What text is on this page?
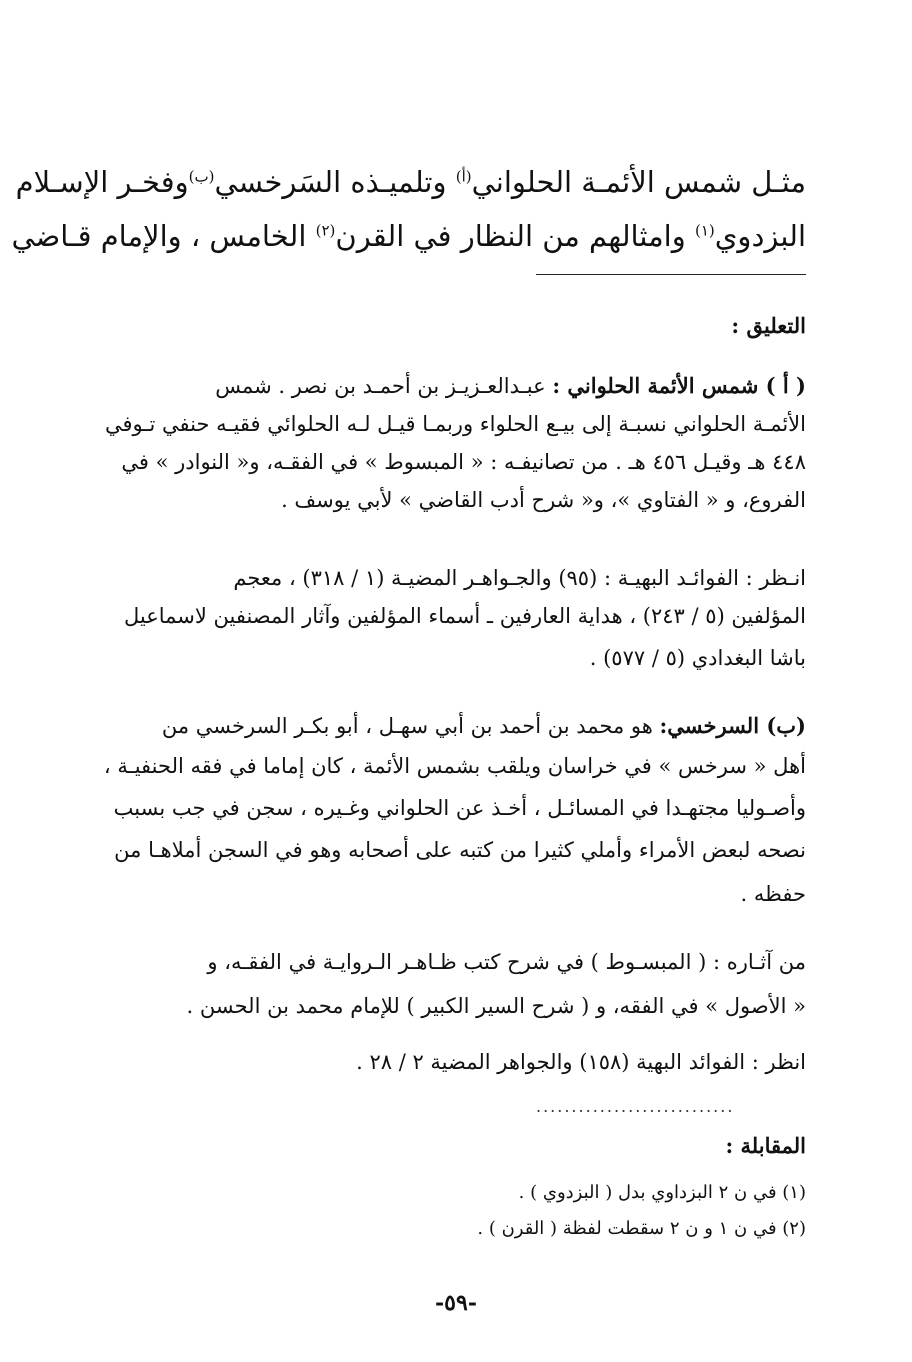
مثـل شمس الأئمـة الحلواني$^{(أ)}$ وتلميـذه السَرخسي$^{(ب)}$وفخـر الإسـلام
البزدوي$^{(١)}$ وامثالهم من النظار في القرن$^{(٢)}$ الخامس ، والإمام قـاضي
التعليق :
( أ ) شمس الأئمة الحلواني : عبـدالعـزيـز بن أحمـد بن نصر . شمس
الأئمـة الحلواني نسبـة إلى بيـع الحلواء وربمـا قيـل لـه الحلوائي فقيـه حنفي تـوفي
٤٤٨ هـ وقيـل ٤٥٦ هـ . من تصانيفـه : « المبسوط » في الفقـه، و« النوادر » في
الفروع، و « الفتاوي »، و« شرح أدب القاضي » لأبي يوسف .
انـظر : الفوائـد البهيـة : (٩٥) والجـواهـر المضيـة (١ / ٣١٨) ، معجم
المؤلفين (٥ / ٢٤٣) ، هداية العارفين ـ أسماء المؤلفين وآثار المصنفين لاسماعيل
باشا البغدادي (٥ / ٥٧٧) .
(ب) السرخسي: هو محمد بن أحمد بن أبي سهـل ، أبو بكـر السرخسي من
أهل « سرخس » في خراسان ويلقب بشمس الأئمة ، كان إماما في فقه الحنفيـة ،
وأصـوليا مجتهـدا في المسائـل ، أخـذ عن الحلواني وغـيره ، سجن في جب بسبب
نصحه لبعض الأمراء وأملي كثيرا من كتبه على أصحابه وهو في السجن أملاهـا من
حفظه .
من آثـاره : ( المبسـوط ) في شرح كتب ظـاهـر الـروايـة في الفقـه، و
« الأصول » في الفقه، و ( شرح السير الكبير ) للإمام محمد بن الحسن .
انظر : الفوائد البهية (١٥٨) والجواهر المضية ٢ / ٢٨ .
............................
المقابلة :
(١) في ن ٢ البزداوي بدل ( البزدوي ) .
(٢) في ن ١ و ن ٢ سقطت لفظة ( القرن ) .
-٥٩-
